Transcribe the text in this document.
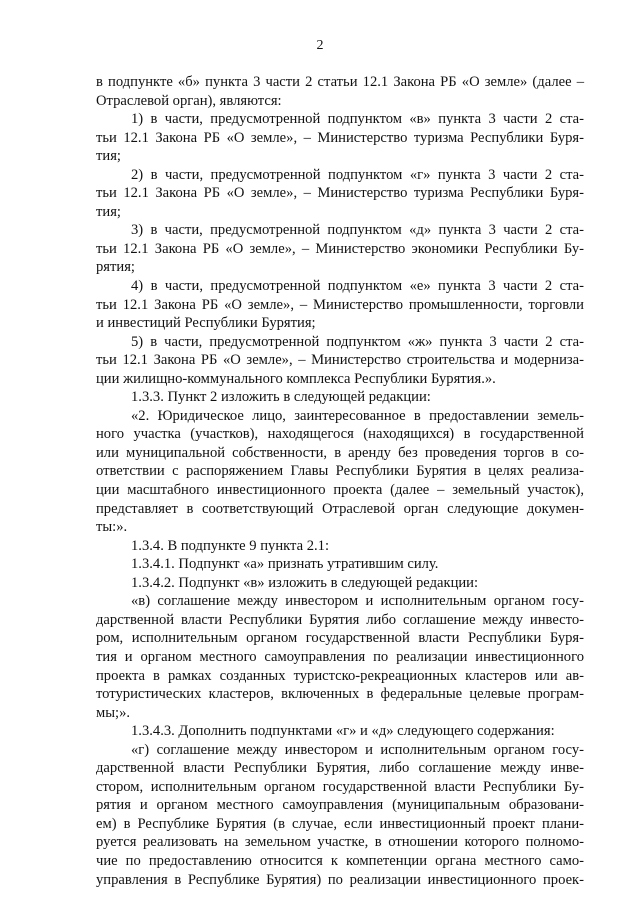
2
в подпункте «б» пункта 3 части 2 статьи 12.1 Закона РБ «О земле» (далее –
Отраслевой орган), являются:
1) в части, предусмотренной подпунктом «в» пункта 3 части 2 ста-
тьи 12.1 Закона РБ «О земле», – Министерство туризма Республики Буря-
тия;
2) в части, предусмотренной подпунктом «г» пункта 3 части 2 ста-
тьи 12.1 Закона РБ «О земле», – Министерство туризма Республики Буря-
тия;
3) в части, предусмотренной подпунктом «д» пункта 3 части 2 ста-
тьи 12.1 Закона РБ «О земле», – Министерство экономики Республики Бу-
рятия;
4) в части, предусмотренной подпунктом «е» пункта 3 части 2 ста-
тьи 12.1 Закона РБ «О земле», – Министерство промышленности, торговли
и инвестиций Республики Бурятия;
5) в части, предусмотренной подпунктом «ж» пункта 3 части 2 ста-
тьи 12.1 Закона РБ «О земле», – Министерство строительства и модерниза-
ции жилищно-коммунального комплекса Республики Бурятия.».
1.3.3. Пункт 2 изложить в следующей редакции:
«2. Юридическое лицо, заинтересованное в предоставлении земель-
ного участка (участков), находящегося (находящихся) в государственной
или муниципальной собственности, в аренду без проведения торгов в со-
ответствии с распоряжением Главы Республики Бурятия в целях реализа-
ции масштабного инвестиционного проекта (далее – земельный участок),
представляет в соответствующий Отраслевой орган следующие докумен-
ты:».
1.3.4. В подпункте 9 пункта 2.1:
1.3.4.1. Подпункт «а» признать утратившим силу.
1.3.4.2. Подпункт «в» изложить в следующей редакции:
«в) соглашение между инвестором и исполнительным органом госу-
дарственной власти Республики Бурятия либо соглашение между инвесто-
ром, исполнительным органом государственной власти Республики Буря-
тия и органом местного самоуправления по реализации инвестиционного
проекта в рамках созданных туристско-рекреационных кластеров или ав-
тотуристических кластеров, включенных в федеральные целевые програм-
мы;».
1.3.4.3. Дополнить подпунктами «г» и «д» следующего содержания:
«г) соглашение между инвестором и исполнительным органом госу-
дарственной власти Республики Бурятия, либо соглашение между инве-
стором, исполнительным органом государственной власти Республики Бу-
рятия и органом местного самоуправления (муниципальным образовани-
ем) в Республике Бурятия (в случае, если инвестиционный проект плани-
руется реализовать на земельном участке, в отношении которого полномо-
чие по предоставлению относится к компетенции органа местного само-
управления в Республике Бурятия) по реализации инвестиционного проек-
